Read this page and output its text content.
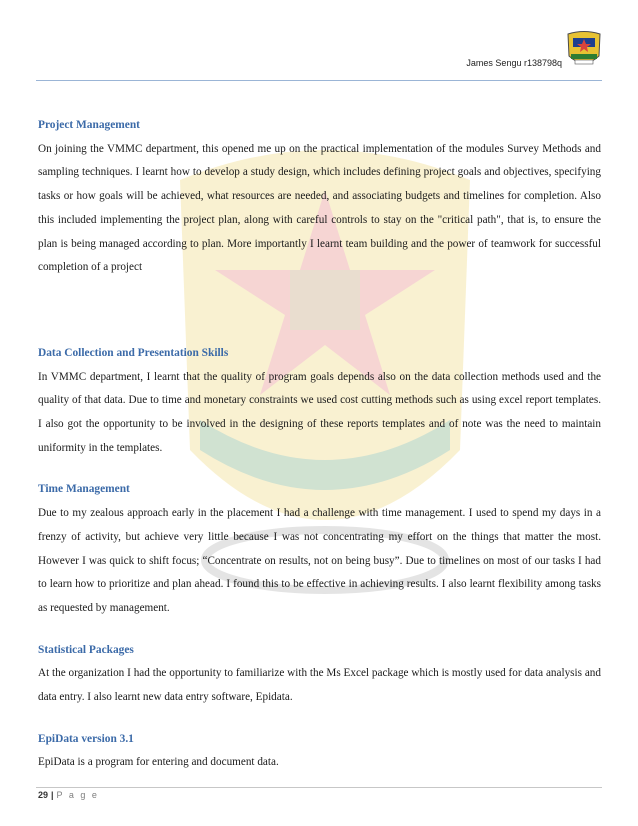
James Sengu r138798q
Project Management

On joining the VMMC department, this opened me up on the practical implementation of the modules Survey Methods and sampling techniques. I learnt how to develop a study design, which includes defining project goals and objectives, specifying tasks or how goals will be achieved, what resources are needed, and associating budgets and timelines for completion. Also this included implementing the project plan, along with careful controls to stay on the "critical path", that is, to ensure the plan is being managed according to plan. More importantly I learnt team building and the power of teamwork for successful completion of a project

Data Collection and Presentation Skills

In VMMC department, I learnt that the quality of program goals depends also on the data collection methods used and the quality of that data. Due to time and monetary constraints we used cost cutting methods such as using excel report templates. I also got the opportunity to be involved in the designing of these reports templates and of note was the need to maintain uniformity in the templates.

Time Management

Due to my zealous approach early in the placement I had a challenge with time management. I used to spend my days in a frenzy of activity, but achieve very little because I was not concentrating my effort on the things that matter the most. However I was quick to shift focus; “Concentrate on results, not on being busy”. Due to timelines on most of our tasks I had to learn how to prioritize and plan ahead. I found this to be effective in achieving results. I also learnt flexibility among tasks as requested by management.

Statistical Packages

At the organization I had the opportunity to familiarize with the Ms Excel package which is mostly used for data analysis and data entry. I also learnt new data entry software, Epidata.

EpiData version 3.1

EpiData is a program for entering and document data.

29 | P a g e
